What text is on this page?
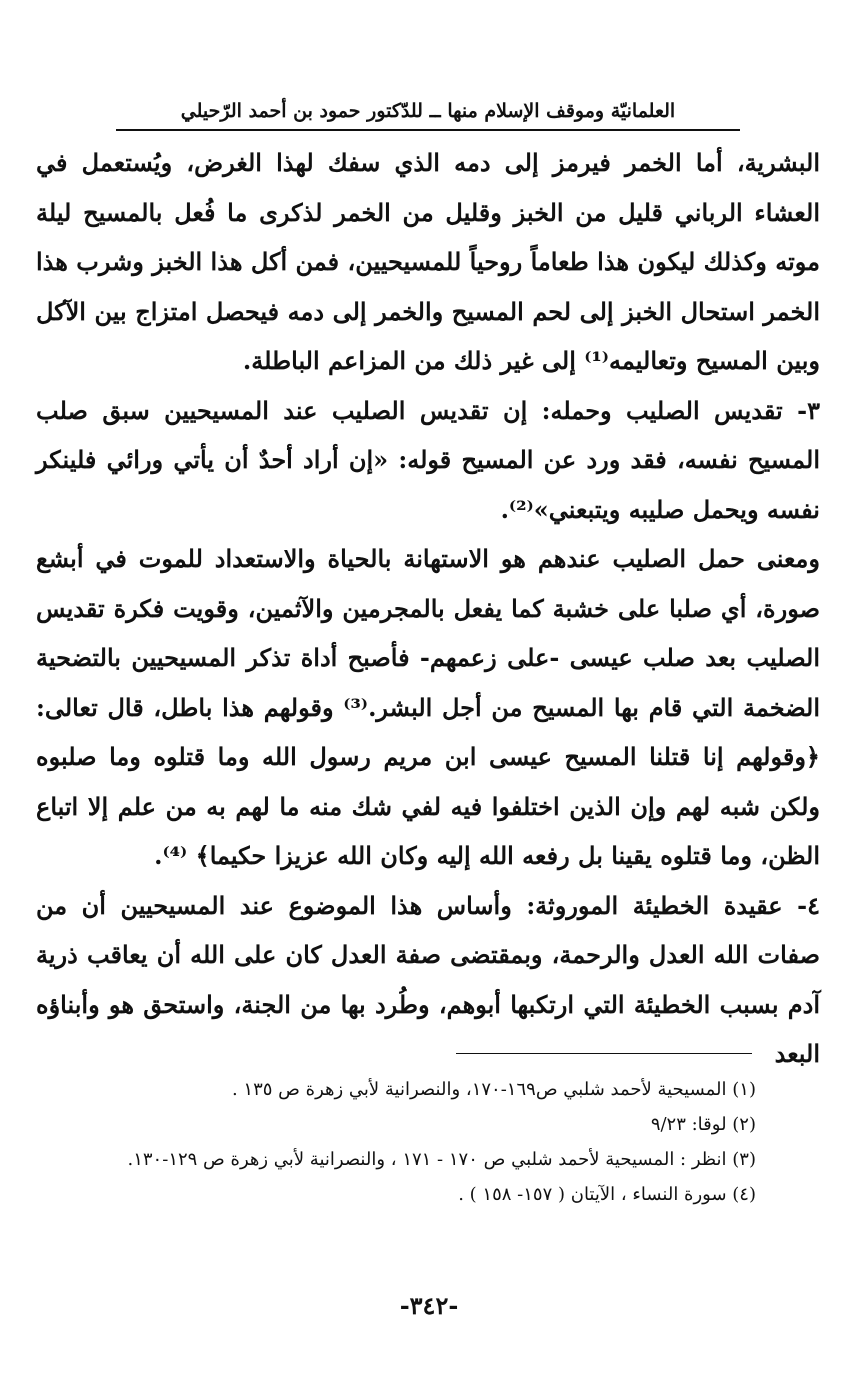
العلمانيّة وموقف الإسلام منها ــ للدّكتور حمود بن أحمد الرّحيلي

البشرية، أما الخمر فيرمز إلى دمه الذي سفك لهذا الغرض، ويُستعمل في العشاء الرباني قليل من الخبز وقليل من الخمر لذكرى ما فُعل بالمسيح ليلة موته وكذلك ليكون هذا طعاماً روحياً للمسيحيين، فمن أكل هذا الخبز وشرب هذا الخمر استحال الخبز إلى لحم المسيح والخمر إلى دمه فيحصل امتزاج بين الآكل وبين المسيح وتعاليمه⁽¹⁾ إلى غير ذلك من المزاعم الباطلة.

٣- تقديس الصليب وحمله: إن تقديس الصليب عند المسيحيين سبق صلب المسيح نفسه، فقد ورد عن المسيح قوله: «إن أراد أحدٌ أن يأتي ورائي فلينكر نفسه ويحمل صليبه ويتبعني»⁽²⁾.

ومعنى حمل الصليب عندهم هو الاستهانة بالحياة والاستعداد للموت في أبشع صورة، أي صلبا على خشبة كما يفعل بالمجرمين والآثمين، وقويت فكرة تقديس الصليب بعد صلب عيسى -على زعمهم- فأصبح أداة تذكر المسيحيين بالتضحية الضخمة التي قام بها المسيح من أجل البشر.⁽³⁾ وقولهم هذا باطل، قال تعالى: ﴿وقولهم إنا قتلنا المسيح عيسى ابن مريم رسول الله وما قتلوه وما صلبوه ولكن شبه لهم وإن الذين اختلفوا فيه لفي شك منه ما لهم به من علم إلا اتباع الظن، وما قتلوه يقينا بل رفعه الله إليه وكان الله عزيزا حكيما﴾ ⁽⁴⁾.

٤- عقيدة الخطيئة الموروثة: وأساس هذا الموضوع عند المسيحيين أن من صفات الله العدل والرحمة، وبمقتضى صفة العدل كان على الله أن يعاقب ذرية آدم بسبب الخطيئة التي ارتكبها أبوهم، وطُرد بها من الجنة، واستحق هو وأبناؤه البعد

(١) المسيحية لأحمد شلبي ص١٦٩-١٧٠، والنصرانية لأبي زهرة ص ١٣٥ .

(٢) لوقا: ٩/٢٣

(٣) انظر : المسيحية لأحمد شلبي ص ١٧٠ - ١٧١ ، والنصرانية لأبي زهرة ص ١٢٩-١٣٠.

(٤) سورة النساء ، الآيتان ( ١٥٧- ١٥٨ ) .

-٣٤٢-
